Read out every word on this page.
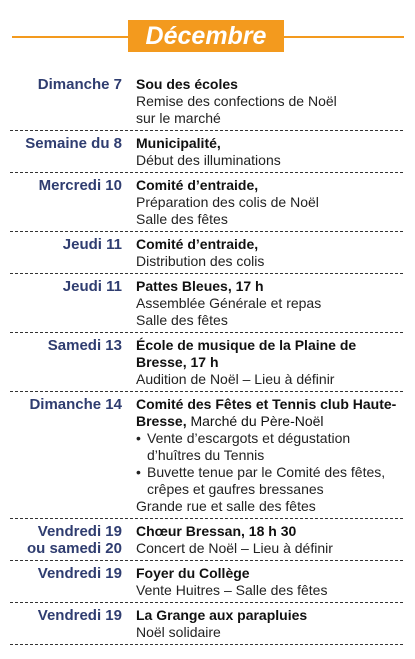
Décembre
Dimanche 7 Sou des écoles
Remise des confections de Noël
sur le marché
Semaine du 8 Municipalité,
Début des illuminations
Mercredi 10 Comité d’entraide,
Préparation des colis de Noël
Salle des fêtes
Jeudi 11 Comité d’entraide,
Distribution des colis
Jeudi 11 Pattes Bleues, 17 h
Assemblée Générale et repas
Salle des fêtes
Samedi 13 École de musique de la Plaine de Bresse, 17 h
Audition de Noël – Lieu à définir
Dimanche 14 Comité des Fêtes et Tennis club Haute-Bresse, Marché du Père-Noël
• Vente d’escargots et dégustation d’huîtres du Tennis
• Buvette tenue par le Comité des fêtes, crêpes et gaufres bressanes
Grande rue et salle des fêtes
Vendredi 19
ou samedi 20
Chœur Bressan, 18 h 30
Concert de Noël – Lieu à définir
Vendredi 19 Foyer du Collège
Vente Huitres – Salle des fêtes
Vendredi 19 La Grange aux parapluies
Noël solidaire
